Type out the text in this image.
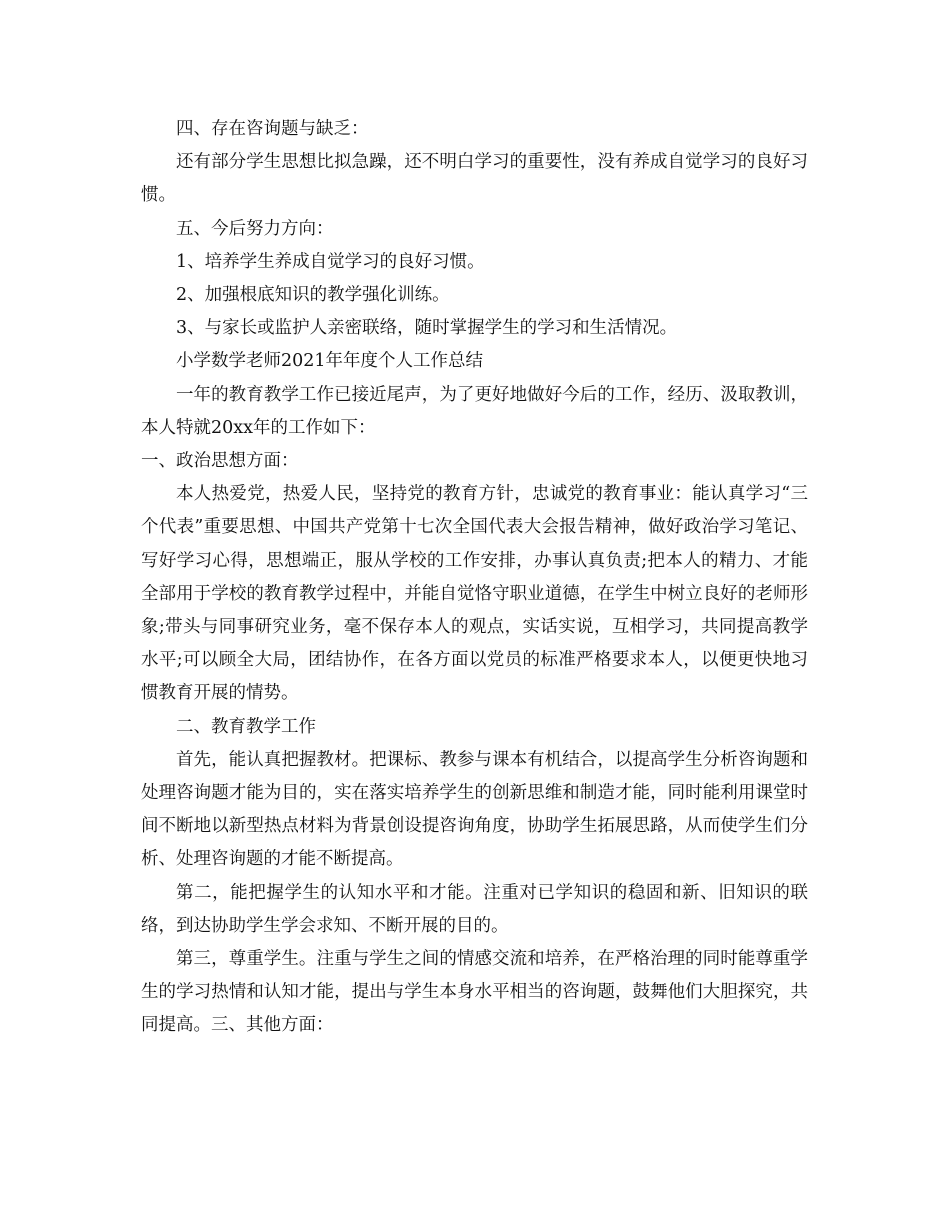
四、存在咨询题与缺乏：

还有部分学生思想比拟急躁，还不明白学习的重要性，没有养成自觉学习的良好习惯。

五、今后努力方向：

1、培养学生养成自觉学习的良好习惯。

2、加强根底知识的教学强化训练。

3、与家长或监护人亲密联络，随时掌握学生的学习和生活情况。

小学数学老师2021年年度个人工作总结

一年的教育教学工作已接近尾声，为了更好地做好今后的工作，经历、汲取教训，本人特就20xx年的工作如下：

一、政治思想方面：

本人热爱党，热爱人民，坚持党的教育方针，忠诚党的教育事业：能认真学习“三个代表”重要思想、中国共产党第十七次全国代表大会报告精神，做好政治学习笔记、写好学习心得，思想端正，服从学校的工作安排，办事认真负责;把本人的精力、才能全部用于学校的教育教学过程中，并能自觉恪守职业道德，在学生中树立良好的老师形象;带头与同事研究业务，毫不保存本人的观点，实话实说，互相学习，共同提高教学水平;可以顾全大局，团结协作，在各方面以党员的标准严格要求本人，以便更快地习惯教育开展的情势。

二、教育教学工作

首先，能认真把握教材。把课标、教参与课本有机结合，以提高学生分析咨询题和处理咨询题才能为目的，实在落实培养学生的创新思维和制造才能，同时能利用课堂时间不断地以新型热点材料为背景创设提咨询角度，协助学生拓展思路，从而使学生们分析、处理咨询题的才能不断提高。

第二，能把握学生的认知水平和才能。注重对已学知识的稳固和新、旧知识的联络，到达协助学生学会求知、不断开展的目的。

第三，尊重学生。注重与学生之间的情感交流和培养，在严格治理的同时能尊重学生的学习热情和认知才能，提出与学生本身水平相当的咨询题，鼓舞他们大胆探究，共同提高。三、其他方面：
